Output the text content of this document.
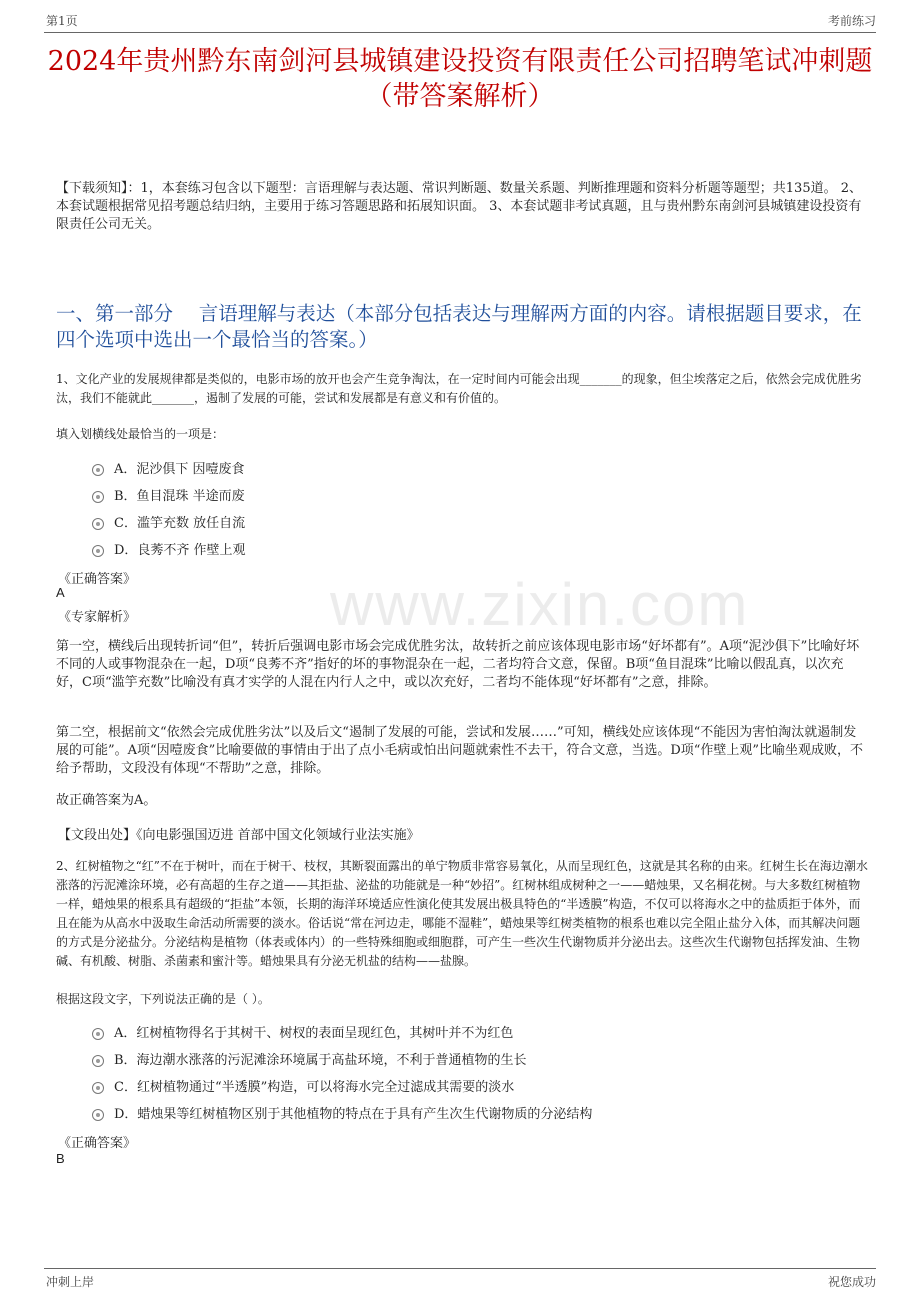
第1页	考前练习
www.zixin.com
2024年贵州黔东南剑河县城镇建设投资有限责任公司招聘笔试冲刺题（带答案解析）
【下载须知】：1，本套练习包含以下题型：言语理解与表达题、常识判断题、数量关系题、判断推理题和资料分析题等题型；共135道。 2、本套试题根据常见招考题总结归纳，主要用于练习答题思路和拓展知识面。 3、本套试题非考试真题，且与贵州黔东南剑河县城镇建设投资有限责任公司无关。
一、第一部分　 言语理解与表达（本部分包括表达与理解两方面的内容。请根据题目要求，在四个选项中选出一个最恰当的答案。）
1、文化产业的发展规律都是类似的，电影市场的放开也会产生竞争淘汰，在一定时间内可能会出现_______的现象，但尘埃落定之后，依然会完成优胜劣汰，我们不能就此_______，遏制了发展的可能，尝试和发展都是有意义和有价值的。
填入划横线处最恰当的一项是：
A．泥沙俱下 因噎废食
B．鱼目混珠 半途而废
C．滥竽充数 放任自流
D．良莠不齐 作壁上观
《正确答案》
A
《专家解析》
第一空，横线后出现转折词“但”，转折后强调电影市场会完成优胜劣汰，故转折之前应该体现电影市场“好坏都有”。A项“泥沙俱下”比喻好坏不同的人或事物混杂在一起，D项“良莠不齐”指好的坏的事物混杂在一起，二者均符合文意，保留。B项“鱼目混珠”比喻以假乱真，以次充好，C项“滥竽充数”比喻没有真才实学的人混在内行人之中，或以次充好，二者均不能体现“好坏都有”之意，排除。
第二空，根据前文“依然会完成优胜劣汰”以及后文“遏制了发展的可能，尝试和发展……”可知，横线处应该体现“不能因为害怕淘汰就遏制发展的可能”。A项“因噎废食”比喻要做的事情由于出了点小毛病或怕出问题就索性不去干，符合文意，当选。D项“作壁上观”比喻坐观成败，不给予帮助，文段没有体现“不帮助”之意，排除。
故正确答案为A。
【文段出处】《向电影强国迈进 首部中国文化领域行业法实施》
2、红树植物之“红”不在于树叶，而在于树干、枝杈，其断裂面露出的单宁物质非常容易氧化，从而呈现红色，这就是其名称的由来。红树生长在海边潮水涨落的污泥滩涂环境，必有高超的生存之道——其拒盐、泌盐的功能就是一种“妙招”。红树林组成树种之一——蜡烛果，又名桐花树。与大多数红树植物一样，蜡烛果的根系具有超级的“拒盐”本领，长期的海洋环境适应性演化使其发展出极具特色的“半透膜”构造，不仅可以将海水之中的盐质拒于体外，而且在能为从高水中汲取生命活动所需要的淡水。俗话说“常在河边走，哪能不湿鞋”，蜡烛果等红树类植物的根系也难以完全阻止盐分入体，而其解决问题的方式是分泌盐分。分泌结构是植物（体表或体内）的一些特殊细胞或细胞群，可产生一些次生代谢物质并分泌出去。这些次生代谢物包括挥发油、生物碱、有机酸、树脂、杀菌素和蜜汁等。蜡烛果具有分泌无机盐的结构——盐腺。
根据这段文字，下列说法正确的是（ ）。
A．红树植物得名于其树干、树杈的表面呈现红色，其树叶并不为红色
B．海边潮水涨落的污泥滩涂环境属于高盐环境，不利于普通植物的生长
C．红树植物通过“半透膜”构造，可以将海水完全过滤成其需要的淡水
D．蜡烛果等红树植物区别于其他植物的特点在于具有产生次生代谢物质的分泌结构
《正确答案》
B
冲刺上岸	祝您成功
